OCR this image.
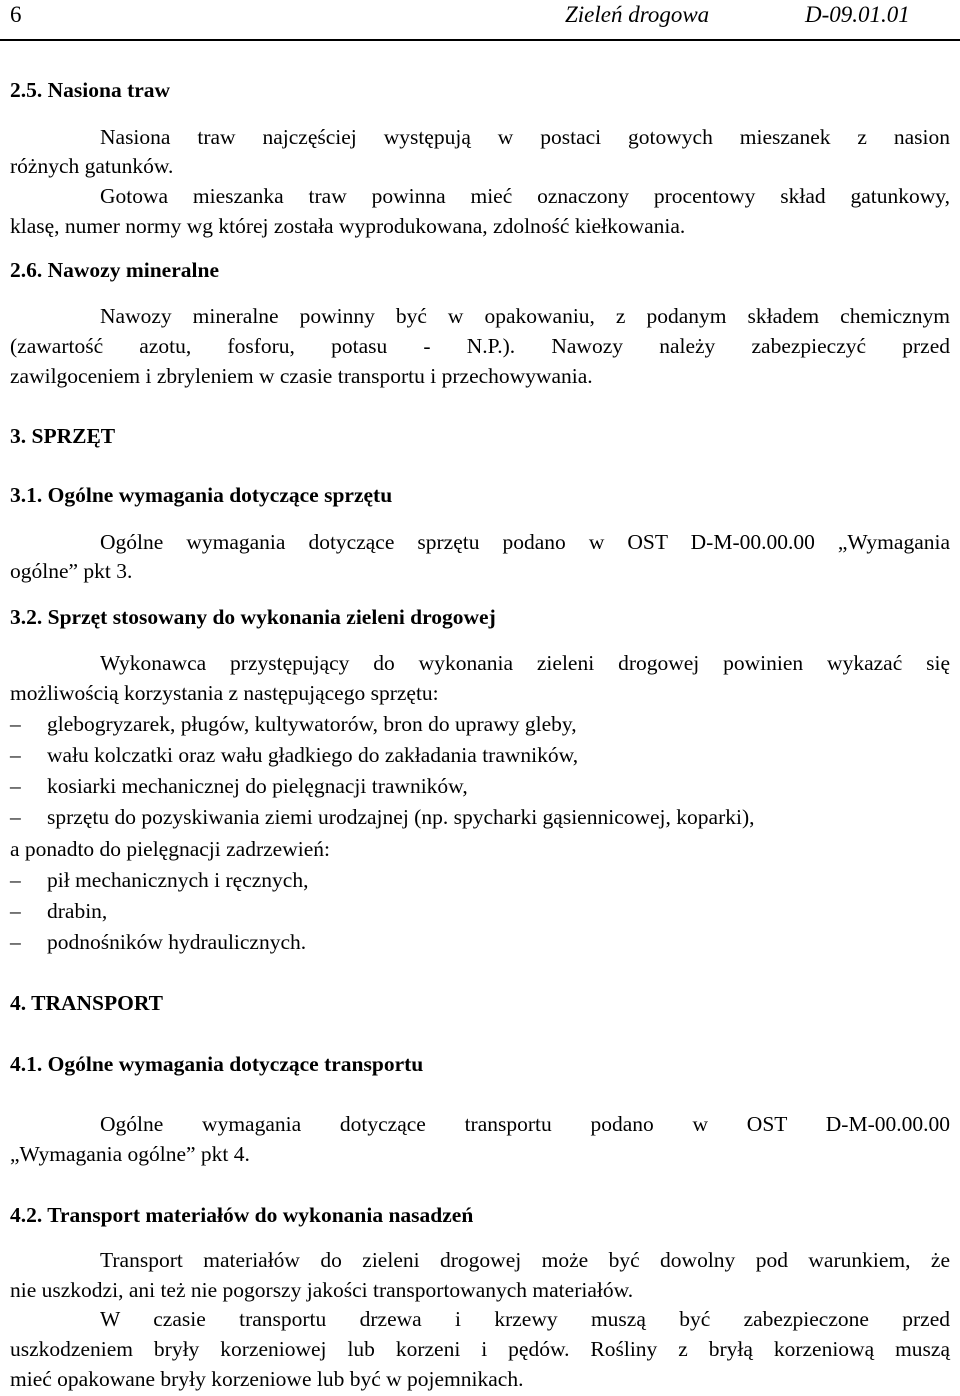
6	Zieleń drogowa	D-09.01.01
2.5. Nasiona traw
Nasiona traw najczęściej występują w postaci gotowych mieszanek z nasion
różnych gatunków.
Gotowa mieszanka traw powinna mieć oznaczony procentowy skład gatunkowy,
klasę, numer normy wg której została wyprodukowana, zdolność kiełkowania.
2.6. Nawozy mineralne
Nawozy mineralne powinny być w opakowaniu, z podanym składem chemicznym
(zawartość azotu, fosforu, potasu - N.P.). Nawozy należy zabezpieczyć przed
zawilgoceniem i zbryleniem w czasie transportu i przechowywania.
3. SPRZĘT
3.1. Ogólne wymagania dotyczące sprzętu
Ogólne wymagania dotyczące sprzętu podano w OST D-M-00.00.00 „Wymagania
ogólne” pkt 3.
3.2. Sprzęt stosowany do wykonania zieleni drogowej
Wykonawca przystępujący do wykonania zieleni drogowej powinien wykazać się
możliwością korzystania z następującego sprzętu:
–	glebogryzarek, pługów, kultywatorów, bron do uprawy gleby,
–	wału kolczatki oraz wału gładkiego do zakładania trawników,
–	kosiarki mechanicznej do pielęgnacji trawników,
–	sprzętu do pozyskiwania ziemi urodzajnej (np. spycharki gąsiennicowej, koparki),
a ponadto do pielęgnacji zadrzewień:
–	pił mechanicznych i ręcznych,
–	drabin,
–	podnośników hydraulicznych.
4. TRANSPORT
4.1. Ogólne wymagania dotyczące transportu
Ogólne wymagania dotyczące transportu podano w OST D-M-00.00.00
„Wymagania ogólne” pkt 4.
4.2. Transport materiałów do wykonania nasadzeń
Transport materiałów do zieleni drogowej może być dowolny pod warunkiem, że
nie uszkodzi, ani też nie pogorszy jakości transportowanych materiałów.
W czasie transportu drzewa i krzewy muszą być zabezpieczone przed
uszkodzeniem bryły korzeniowej lub korzeni i pędów. Rośliny z bryłą korzeniową muszą
mieć opakowane bryły korzeniowe lub być w pojemnikach.
